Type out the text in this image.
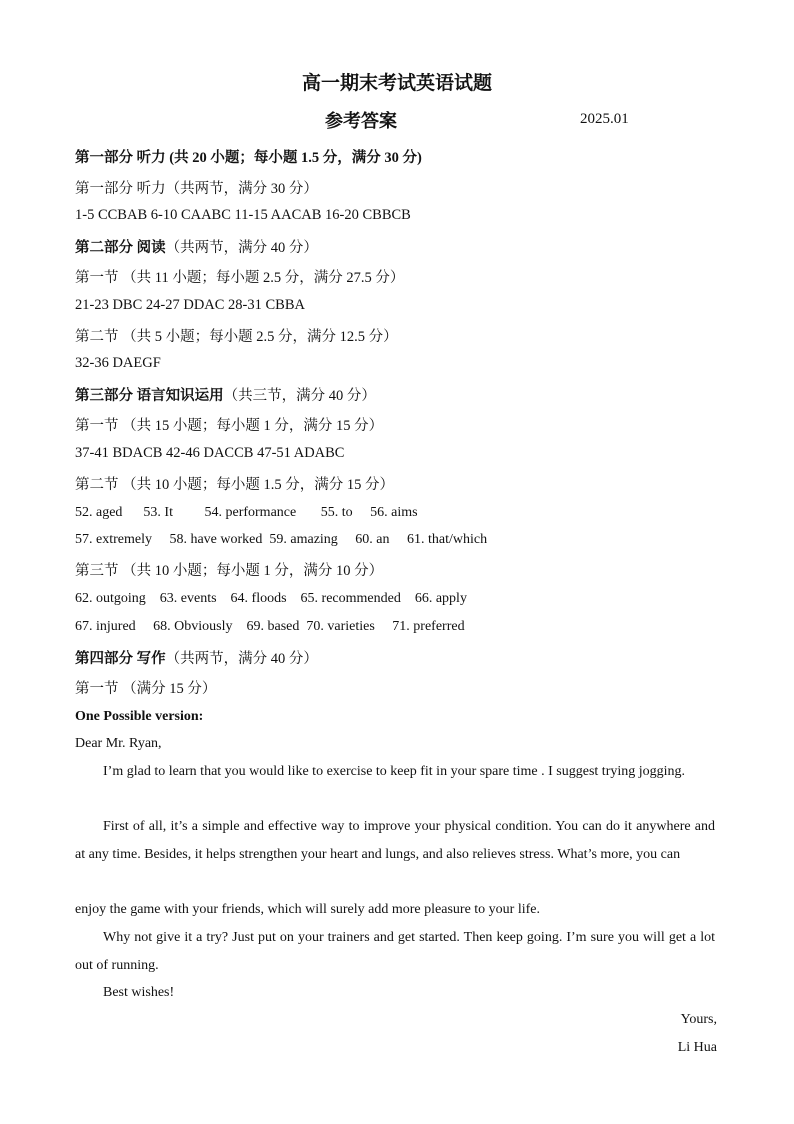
高一期末考试英语试题
参考答案	2025.01
第一部分 听力 (共 20 小题；每小题 1.5 分，满分 30 分)
第一部分 听力（共两节，满分 30 分）
1-5 CCBAB 6-10 CAABC 11-15 AACAB 16-20 CBBCB
第二部分 阅读（共两节，满分 40 分）
第一节 （共 11 小题；每小题 2.5 分，满分 27.5 分）
21-23 DBC 24-27 DDAC 28-31 CBBA
第二节 （共 5 小题；每小题 2.5 分，满分 12.5 分）
32-36 DAEGF
第三部分 语言知识运用（共三节，满分 40 分）
第一节 （共 15 小题；每小题 1 分，满分 15 分）
37-41 BDACB 42-46 DACCB 47-51 ADABC
第二节 （共 10 小题；每小题 1.5 分，满分 15 分）
52. aged      53. It         54. performance       55. to     56. aims
57. extremely     58. have worked  59. amazing     60. an     61. that/which
第三节 （共 10 小题；每小题 1 分，满分 10 分）
62. outgoing    63. events    64. floods    65. recommended    66. apply
67. injured     68. Obviously    69. based  70. varieties     71. preferred
第四部分 写作（共两节，满分 40 分）
第一节 （满分 15 分）
One Possible version:
Dear Mr. Ryan,
I’m glad to learn that you would like to exercise to keep fit in your spare time . I suggest trying jogging.
First of all, it’s a simple and effective way to improve your physical condition. You can do it anywhere and at any time. Besides, it helps strengthen your heart and lungs, and also relieves stress. What’s more, you can
enjoy the game with your friends, which will surely add more pleasure to your life.
Why not give it a try? Just put on your trainers and get started. Then keep going. I’m sure you will get a lot out of running.
Best wishes!
Yours,
Li Hua
